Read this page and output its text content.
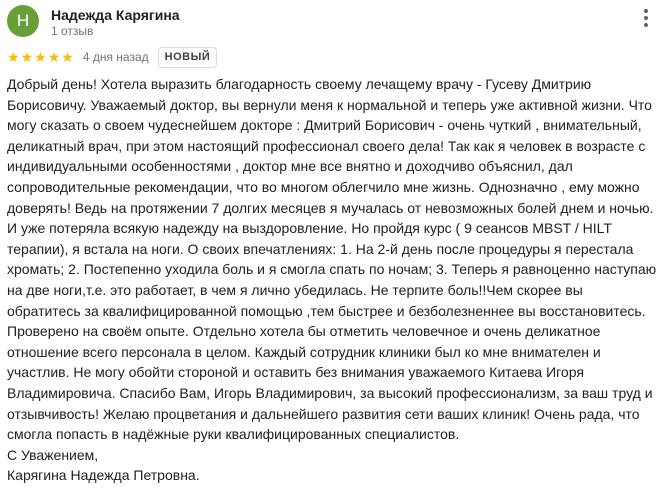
Н	Надежда Карягина
1 отзыв
★ ★ ★ ★ ★ 4 дня назад	НОВЫЙ

Добрый день! Хотела выразить благодарность своему лечащему врачу - Гусеву Дмитрию Борисовичу. Уважаемый доктор, вы вернули меня к нормальной и теперь уже активной жизни. Что могу сказать о своем чудеснейшем докторе : Дмитрий Борисович - очень чуткий , внимательный, деликатный врач, при этом настоящий профессионал своего дела! Так как я человек в возрасте с индивидуальными особенностями , доктор мне все внятно и доходчиво объяснил, дал сопроводительные рекомендации, что во многом облегчило мне жизнь. Однозначно , ему можно доверять! Ведь на протяжении 7 долгих месяцев я мучалась от невозможных болей днем и ночью. И уже потеряла всякую надежду на выздоровление. Но пройдя курс ( 9 сеансов MBST / HILT терапии), я встала на ноги. О своих впечатлениях: 1. На 2-й день после процедуры я перестала хромать; 2. Постепенно уходила боль и я смогла спать по ночам; 3. Теперь я равноценно наступаю на две ноги,т.е. это работает, в чем я лично убедилась. Не терпите боль!!Чем скорее вы обратитесь за квалифицированной помощью ,тем быстрее и безболезненнее вы восстановитесь. Проверено на своём опыте. Отдельно хотела бы отметить человечное и очень деликатное отношение всего персонала в целом. Каждый сотрудник клиники был ко мне внимателен и участлив. Не могу обойти стороной и оставить без внимания уважаемого Китаева Игоря Владимировича. Спасибо Вам, Игорь Владимирович, за высокий профессионализм, за ваш труд и отзывчивость! Желаю процветания и дальнейшего развития сети ваших клиник! Очень рада, что смогла попасть в надёжные руки квалифицированных специалистов.
С Уважением,
Карягина Надежда Петровна.
